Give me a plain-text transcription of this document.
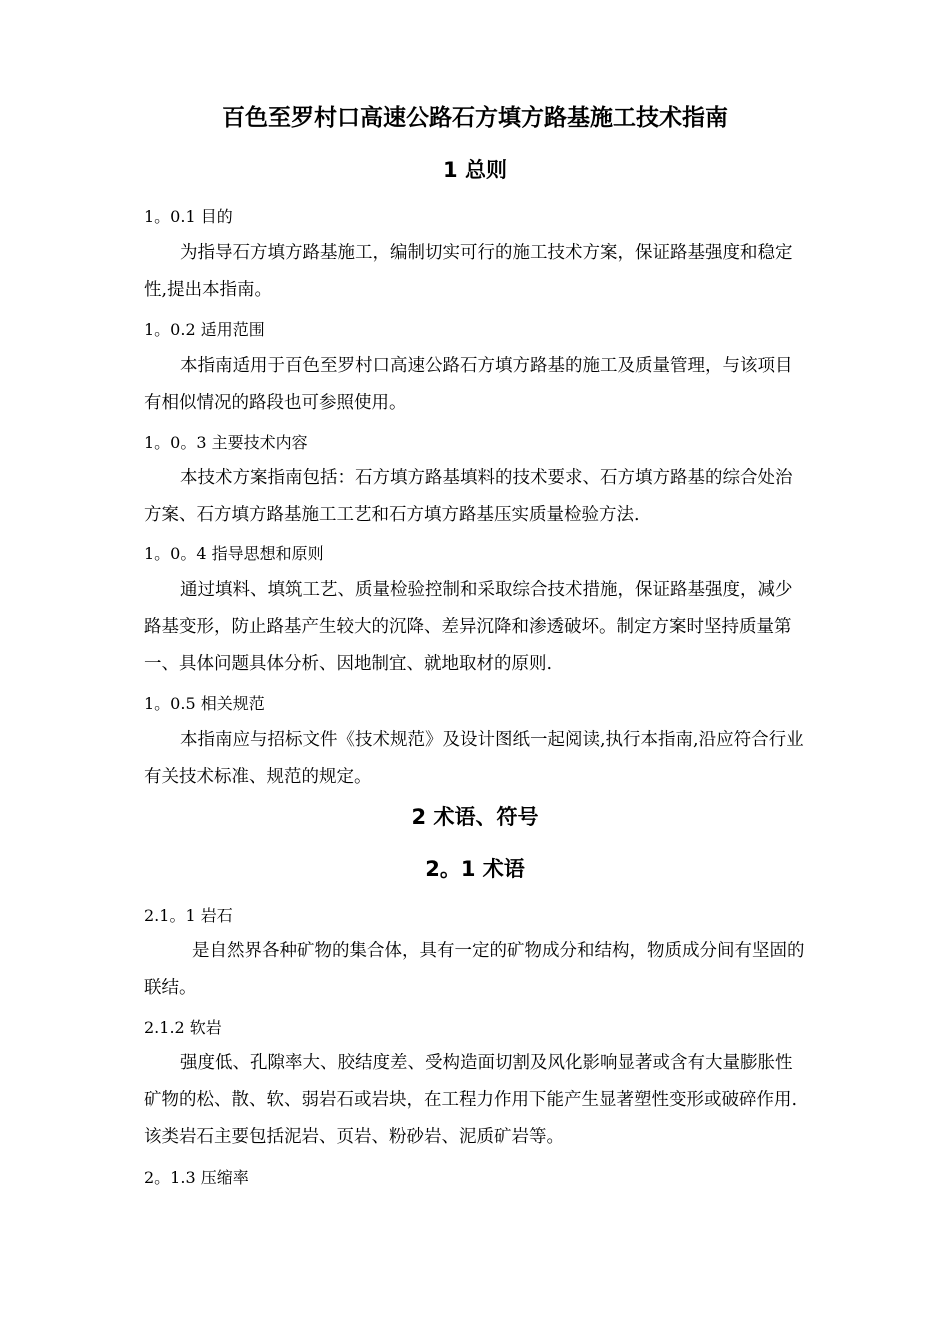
百色至罗村口高速公路石方填方路基施工技术指南
1 总则
1。0.1 目的

为指导石方填方路基施工，编制切实可行的施工技术方案，保证路基强度和稳定性,提出本指南。

1。0.2 适用范围

本指南适用于百色至罗村口高速公路石方填方路基的施工及质量管理，与该项目有相似情况的路段也可参照使用。

1。0。3 主要技术内容

本技术方案指南包括：石方填方路基填料的技术要求、石方填方路基的综合处治方案、石方填方路基施工工艺和石方填方路基压实质量检验方法.

1。0。4 指导思想和原则

通过填料、填筑工艺、质量检验控制和采取综合技术措施，保证路基强度，减少路基变形，防止路基产生较大的沉降、差异沉降和渗透破坏。制定方案时坚持质量第一、具体问题具体分析、因地制宜、就地取材的原则.

1。0.5 相关规范

本指南应与招标文件《技术规范》及设计图纸一起阅读,执行本指南,沿应符合行业有关技术标准、规范的规定。

2 术语、符号
2。1 术语
2.1。1 岩石

是自然界各种矿物的集合体，具有一定的矿物成分和结构，物质成分间有坚固的联结。

2.1.2 软岩

强度低、孔隙率大、胶结度差、受构造面切割及风化影响显著或含有大量膨胀性矿物的松、散、软、弱岩石或岩块，在工程力作用下能产生显著塑性变形或破碎作用.该类岩石主要包括泥岩、页岩、粉砂岩、泥质矿岩等。

2。1.3 压缩率
